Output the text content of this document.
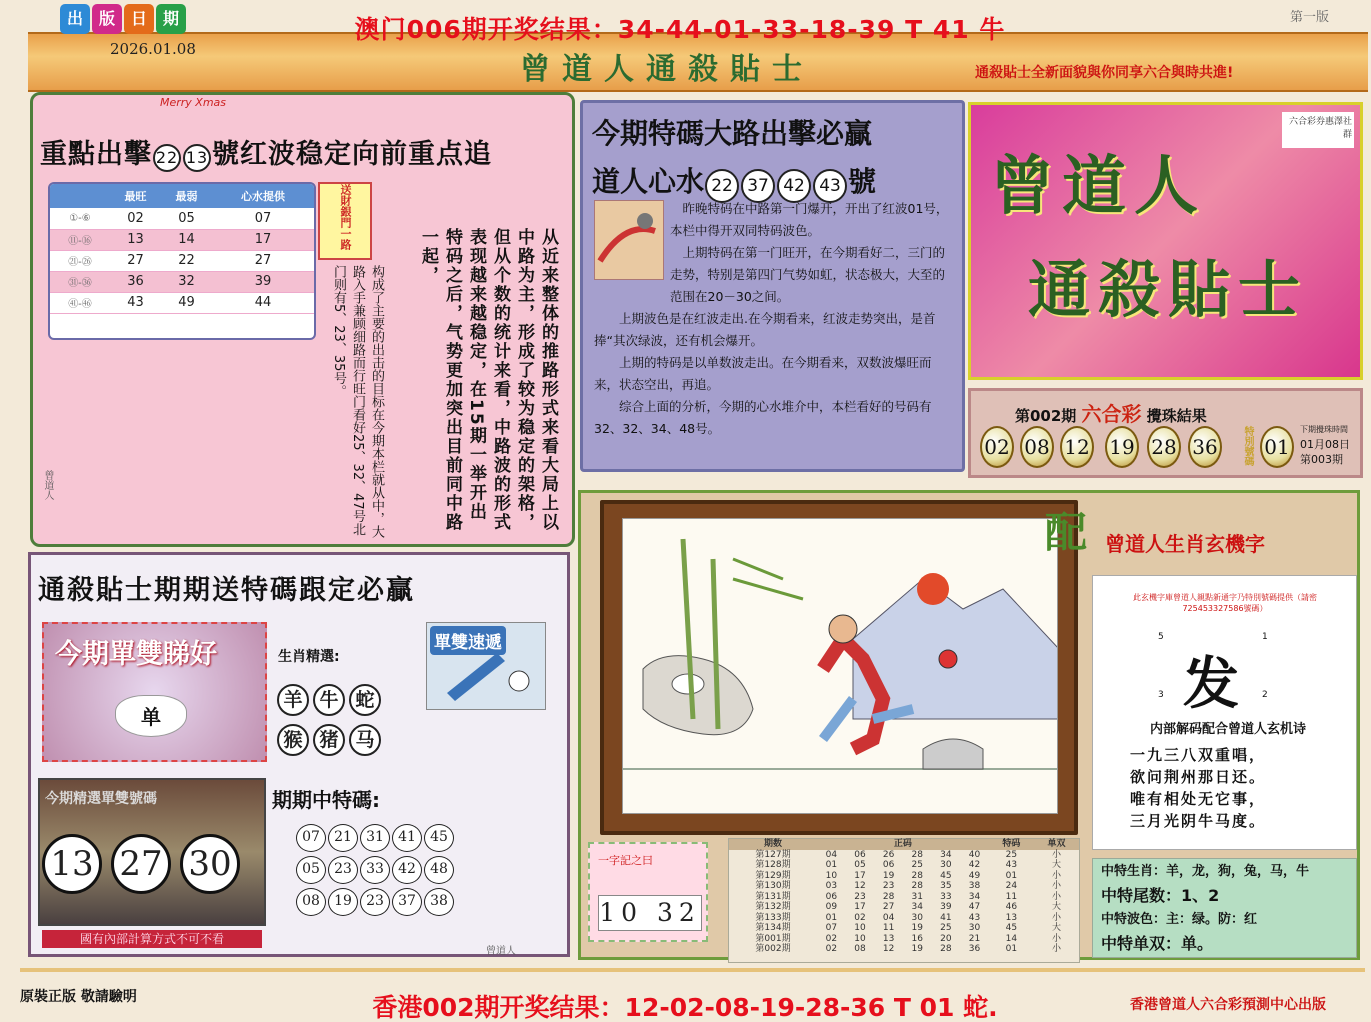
出 版 日 期
2026.01.08
澳门006期开奖结果：34-44-01-33-18-39 T 41 牛	第一版
曾道人通殺貼士	通殺貼士全新面貌與你同享六合與時共進!
Merry Xmas
重點出擊 22 13 號红波稳定向前重点追
	最旺	最弱	心水提供
①-⑥	02	05	07
⑪-⑯	13	14	17
㉑-㉖	27	22	27
㉛-㊱	36	32	39
㊶-㊻	43	49	44
送財銀門一路
从近来整体的推路形式来看大局上以中路为主，形成了较为稳定的架格，但从个数的统计来看，中路波的形式表现越来越稳定，在15期一举开出特码之后，气势更加突出目前同中路一起，
构成了主要的出击的目标在今期本栏就从中，大路入手兼顾细路而行旺门看好25、32、47号北门则有5、23、35号。
曾道人
今期特碼大路出擊必贏
道人心水 22 37 42 43 號

昨晚特码在中路第一门爆开，开出了红波01号，本栏中得开双同特码波色。

上期特码在第一门旺开，在今期看好二，三门的走势，特别是第四门气势如虹，状态极大，大至的范围在20－30之间。

上期波色是在红波走出.在今期看来，红波走势突出，是首捧“其次绿波，还有机会爆开。

上期的特码是以单数波走出。在今期看来，双数波爆旺而来，状态空出，再追。

综合上面的分析，今期的心水堆介中，本栏看好的号码有32、32、34、48号。

六合彩券惠澤社群
曾道人
通殺貼士
第002期 六合彩 攪珠結果
02 08 12 19 28 36	特別號碼 01
下期攪珠時間
01月08日
第003期
通殺貼士期期送特碼跟定必贏
今期單雙睇好
单
生肖精選:
羊 牛 蛇猴 猪 马
單雙速遞
今期精選單雙號碼
13 27 30
國有內部計算方式不可不看
期期中特碼:
07 21 31 41 45 05 23 33 42 48 08 19 23 37 38
曾道人
配 曾道人生肖玄機字
此玄機字庫曾道人親點新通字乃特別號碼提供（請密725453327586號碼）
5	1
3	2
发
内部解码配合曾道人玄机诗
一九三八双重唱，
欲问荆州那日还。
唯有相处无它事，
三月光阴牛马度。
一字記之曰
10 32
期数	正码						特码	单双
第127期	04	06	26	28	34	40	25	小
第128期	01	05	06	25	30	42	43	大
第129期	10	17	19	28	45	49	01	小
第130期	03	12	23	28	35	38	24	小
第131期	06	23	28	31	33	34	11	小
第132期	09	17	27	34	39	47	46	大
第133期	01	02	04	30	41	43	13	小
第134期	07	10	11	19	25	30	45	大
第001期	02	10	13	16	20	21	14	小
第002期	02	08	12	19	28	36	01	小
中特生肖：羊，龙，狗，兔，马，牛
中特尾数：1、2
中特波色：主：绿。防：红
中特单双：单。
原裝正版 敬請驗明	香港002期开奖结果：12-02-08-19-28-36 T 01 蛇.	香港曾道人六合彩預測中心出版
